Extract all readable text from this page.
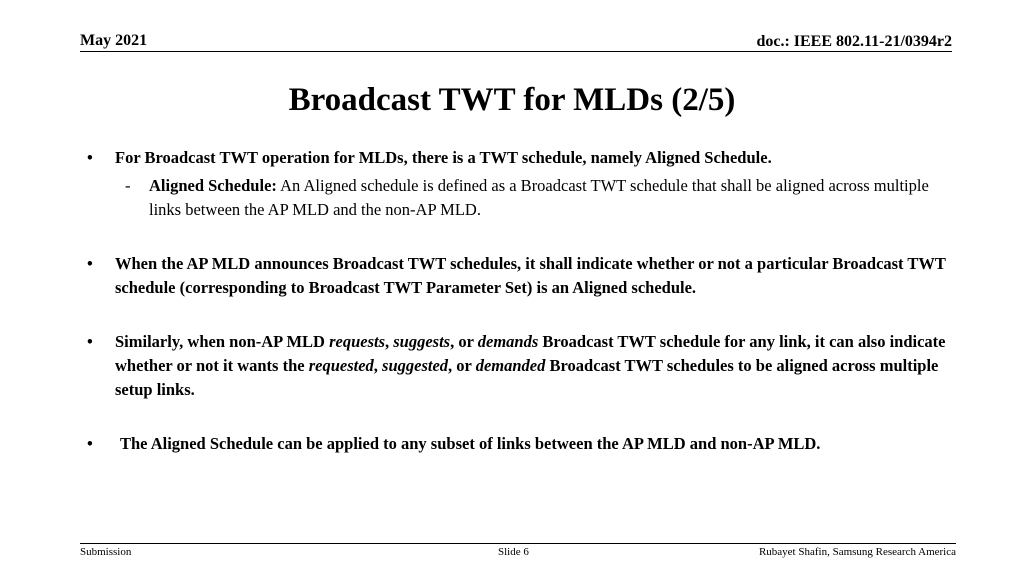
May 2021	doc.: IEEE 802.11-21/0394r2
Broadcast TWT for MLDs (2/5)
• For Broadcast TWT operation for MLDs, there is a TWT schedule, namely Aligned Schedule.
- Aligned Schedule: An Aligned schedule is defined as a Broadcast TWT schedule that shall be aligned across multiple links between the AP MLD and the non-AP MLD.
• When the AP MLD announces Broadcast TWT schedules, it shall indicate whether or not a particular Broadcast TWT schedule (corresponding to Broadcast TWT Parameter Set) is an Aligned schedule.
• Similarly, when non-AP MLD requests, suggests, or demands Broadcast TWT schedule for any link, it can also indicate whether or not it wants the requested, suggested, or demanded Broadcast TWT schedules to be aligned across multiple setup links.
• The Aligned Schedule can be applied to any subset of links between the AP MLD and non-AP MLD.
Submission	Slide 6	Rubayet Shafin, Samsung Research America
